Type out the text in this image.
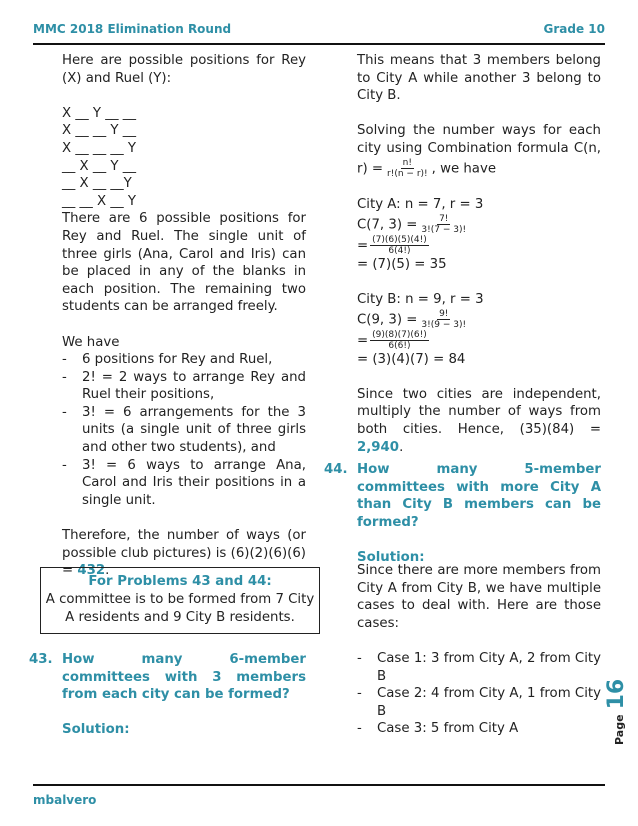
MMC 2018 Elimination Round	Grade 10

Here are possible positions for Rey (X) and Ruel (Y):

X __ Y __ __

X __ __ Y __

X __ __ __ Y

__ X __ Y __

__ X __ __Y

__ __ X __ Y

There are 6 possible positions for Rey and Ruel. The single unit of three girls (Ana, Carol and Iris) can be placed in any of the blanks in each position. The remaining two students can be arranged freely.

We have

- 6 positions for Rey and Ruel,
- 2! = 2 ways to arrange Rey and Ruel their positions,
- 3! = 6 arrangements for the 3 units (a single unit of three girls and other two students), and
- 3! = 6 ways to arrange Ana, Carol and Iris their positions in a single unit.

Therefore, the number of ways (or possible club pictures) is (6)(2)(6)(6) = 432.

For Problems 43 and 44:
A committee is to be formed from 7 City A residents and 9 City B residents.
43. How many 6-member committees with 3 members from each city can be formed?
Solution:

This means that 3 members belong to City A while another 3 belong to City B.

Solving the number ways for each city using Combination formula C(n, $r) = \frac{n!}{r!(n - r)!}$ , we have

City A: n = 7, r = 3

C(7, $3) = \frac{7!}{3!(7 - 3)!}$

= $\frac{(7)(6)(5)(4!)}{6(4!)}$

= (7)(5) = 35

City B: n = 9, r = 3

C(9, $3) = \frac{9!}{3!(9 - 3)!}$

= $\frac{(9)(8)(7)(6!)}{6(6!)}$

= (3)(4)(7) = 84

Since two cities are independent, multiply the number of ways from both cities. Hence, (35)(84) = 2,940.

44. How many 5-member committees with more City A than City B members can be formed?
Solution:

Since there are more members from City A from City B, we have multiple cases to deal with. Here are those cases:

- Case 1: 3 from City A, 2 from City B
- Case 2: 4 from City A, 1 from City B
- Case 3: 5 from City A	Page 16
mbalvero
